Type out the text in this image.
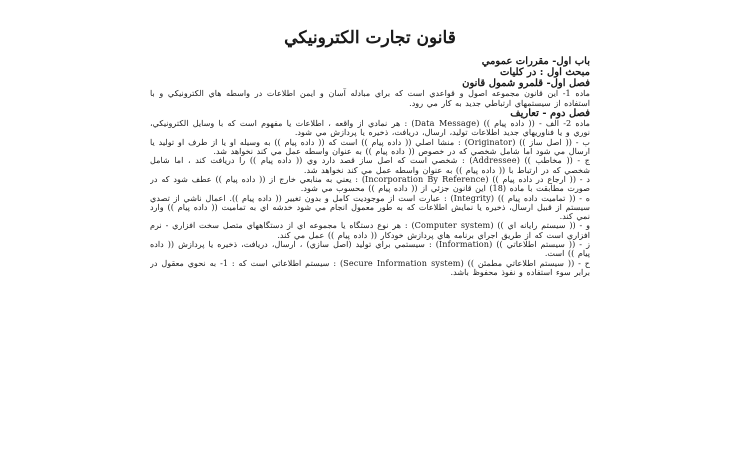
قانون تجارت الكترونيكي

باب اول- مقررات عمومي

مبحث اول : در كليات

فصل اول- قلمرو شمول قانون

ماده 1- اين قانون مجموعه اصول و قواعدي است كه براي مبادله آسان و ايمن اطلاعات در واسطه هاي الكترونيكي و با استفاده از سيستمهاي ارتباطي جديد به كار مي رود.

فصل دوم - تعاريف

ماده 2- الف - (( داده پيام )) (Data Message) : هر نمادي از واقعه ، اطلاعات يا مفهوم است كه با وسايل الكترونيكي، نوري و يا فناوريهاي جديد اطلاعات توليد، ارسال، دريافت، ذخيره يا پردازش مي شود.

ب - (( اصل ساز )) (Originator) : منشا اصلي (( داده پيام )) است كه (( داده پيام )) به وسيله او يا از طرف او توليد يا ارسال مي شود اما شامل شخصي كه در خصوص (( داده پيام )) به عنوان واسطه عمل مي كند نخواهد شد.

ج - (( مخاطب )) (Addressee) : شخصي است كه اصل ساز قصد دارد وي (( داده پيام )) را دريافت كند ، اما شامل شخصي كه در ارتباط با (( داده پيام )) به عنوان واسطه عمل مي كند نخواهد شد.

د - (( ارجاع در داده پيام )) (Incorporation By Reference) : يعني به منابعي خارج از (( داده پيام )) عطف شود كه در صورت مطابقت با ماده (18) اين قانون جزئي از (( داده پيام )) محسوب مي شود.

ه - (( تماميت داده پيام )) (Integrity) : عبارت است از موجوديت كامل و بدون تغيير (( داده پيام )). اعمال ناشي از تصدي سيستم از قبيل ارسال، ذخيره يا نمايش اطلاعات كه به طور معمول انجام مي شود خدشه اي به تماميت (( داده پيام )) وارد نمي كند.

و - (( سيستم رايانه اي )) (Computer system) : هر نوع دستگاه يا مجموعه اي از دستگاههاي متصل سخت افزاري - نرم افزاري است كه از طريق اجراي برنامه هاي پردازش خودكار (( داده پيام )) عمل مي كند.

ز - (( سيستم اطلاعاتي )) (Information) : سيستمي براي توليد (اصل سازي) ، ارسال، دريافت، ذخيره يا پردازش (( داده پيام )) است.

ح - (( سيستم اطلاعاتي مطمئن )) (Secure Information system) : سيستم اطلاعاتي است كه : 1- به نحوي معقول در برابر سوء استفاده و نفوذ محفوظ باشد.
